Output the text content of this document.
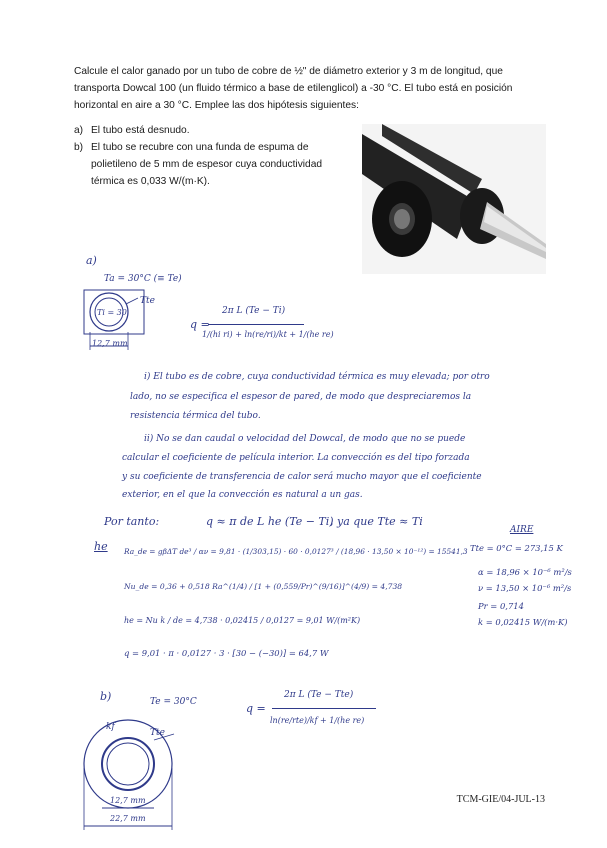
Calcule el calor ganado por un tubo de cobre de ½" de diámetro exterior y 3 m de longitud, que
transporta Dowcal 100 (un fluido térmico a base de etilenglicol) a -30 °C. El tubo está en posición
horizontal en aire a 30 °C. Emplee las dos hipótesis siguientes:
a) El tubo está desnudo.
b) El tubo se recubre con una funda de espuma de
polietileno de 5 mm de espesor cuya conductividad
térmica es 0,033 W/(m·K).
a)
Ta = 30°C (≡ Te)
Ti = 30
Tte
12,7 mm
q =
2π L (Te − Ti)
1/(hi ri) + ln(re/ri)/kt + 1/(he re)
i) El tubo es de cobre, cuya conductividad térmica es muy elevada; por otro
lado, no se especifica el espesor de pared, de modo que despreciaremos la
resistencia térmica del tubo.
ii) No se dan caudal o velocidad del Dowcal, de modo que no se puede
calcular el coeficiente de película interior. La convección es del tipo forzada
y su coeficiente de transferencia de calor será mucho mayor que el coeficiente
exterior, en el que la convección es natural a un gas.
Por tanto:	q ≈ π de L he (Te − Ti)
, ya que Tte ≈ Ti
he Ra_de = gβΔT de³ / αν = 9,81 · (1/303,15) · 60 · 0,0127³ / (18,96 · 13,50 × 10⁻¹²) = 15541,3
Nu_de = 0,36 + 0,518 Ra^(1/4) / [1 + (0,559/Pr)^(9/16)]^(4/9) = 4,738
he = Nu k / de = 4,738 · 0,02415 / 0,0127 = 9,01 W/(m²K)
q = 9,01 · π · 0,0127 · 3 · [30 − (−30)] = 64,7 W
AIRE
Tte = 0°C = 273,15 K
α = 18,96 × 10⁻⁶ m²/s
ν = 13,50 × 10⁻⁶ m²/s
Pr = 0,714
k = 0,02415 W/(m·K)
b)	Te = 30°C
kf
Tte
12,7 mm
22,7 mm
q =
2π L (Te − Tte)
ln(re/rte)/kf + 1/(he re)
TCM-GIE/04-JUL-13
